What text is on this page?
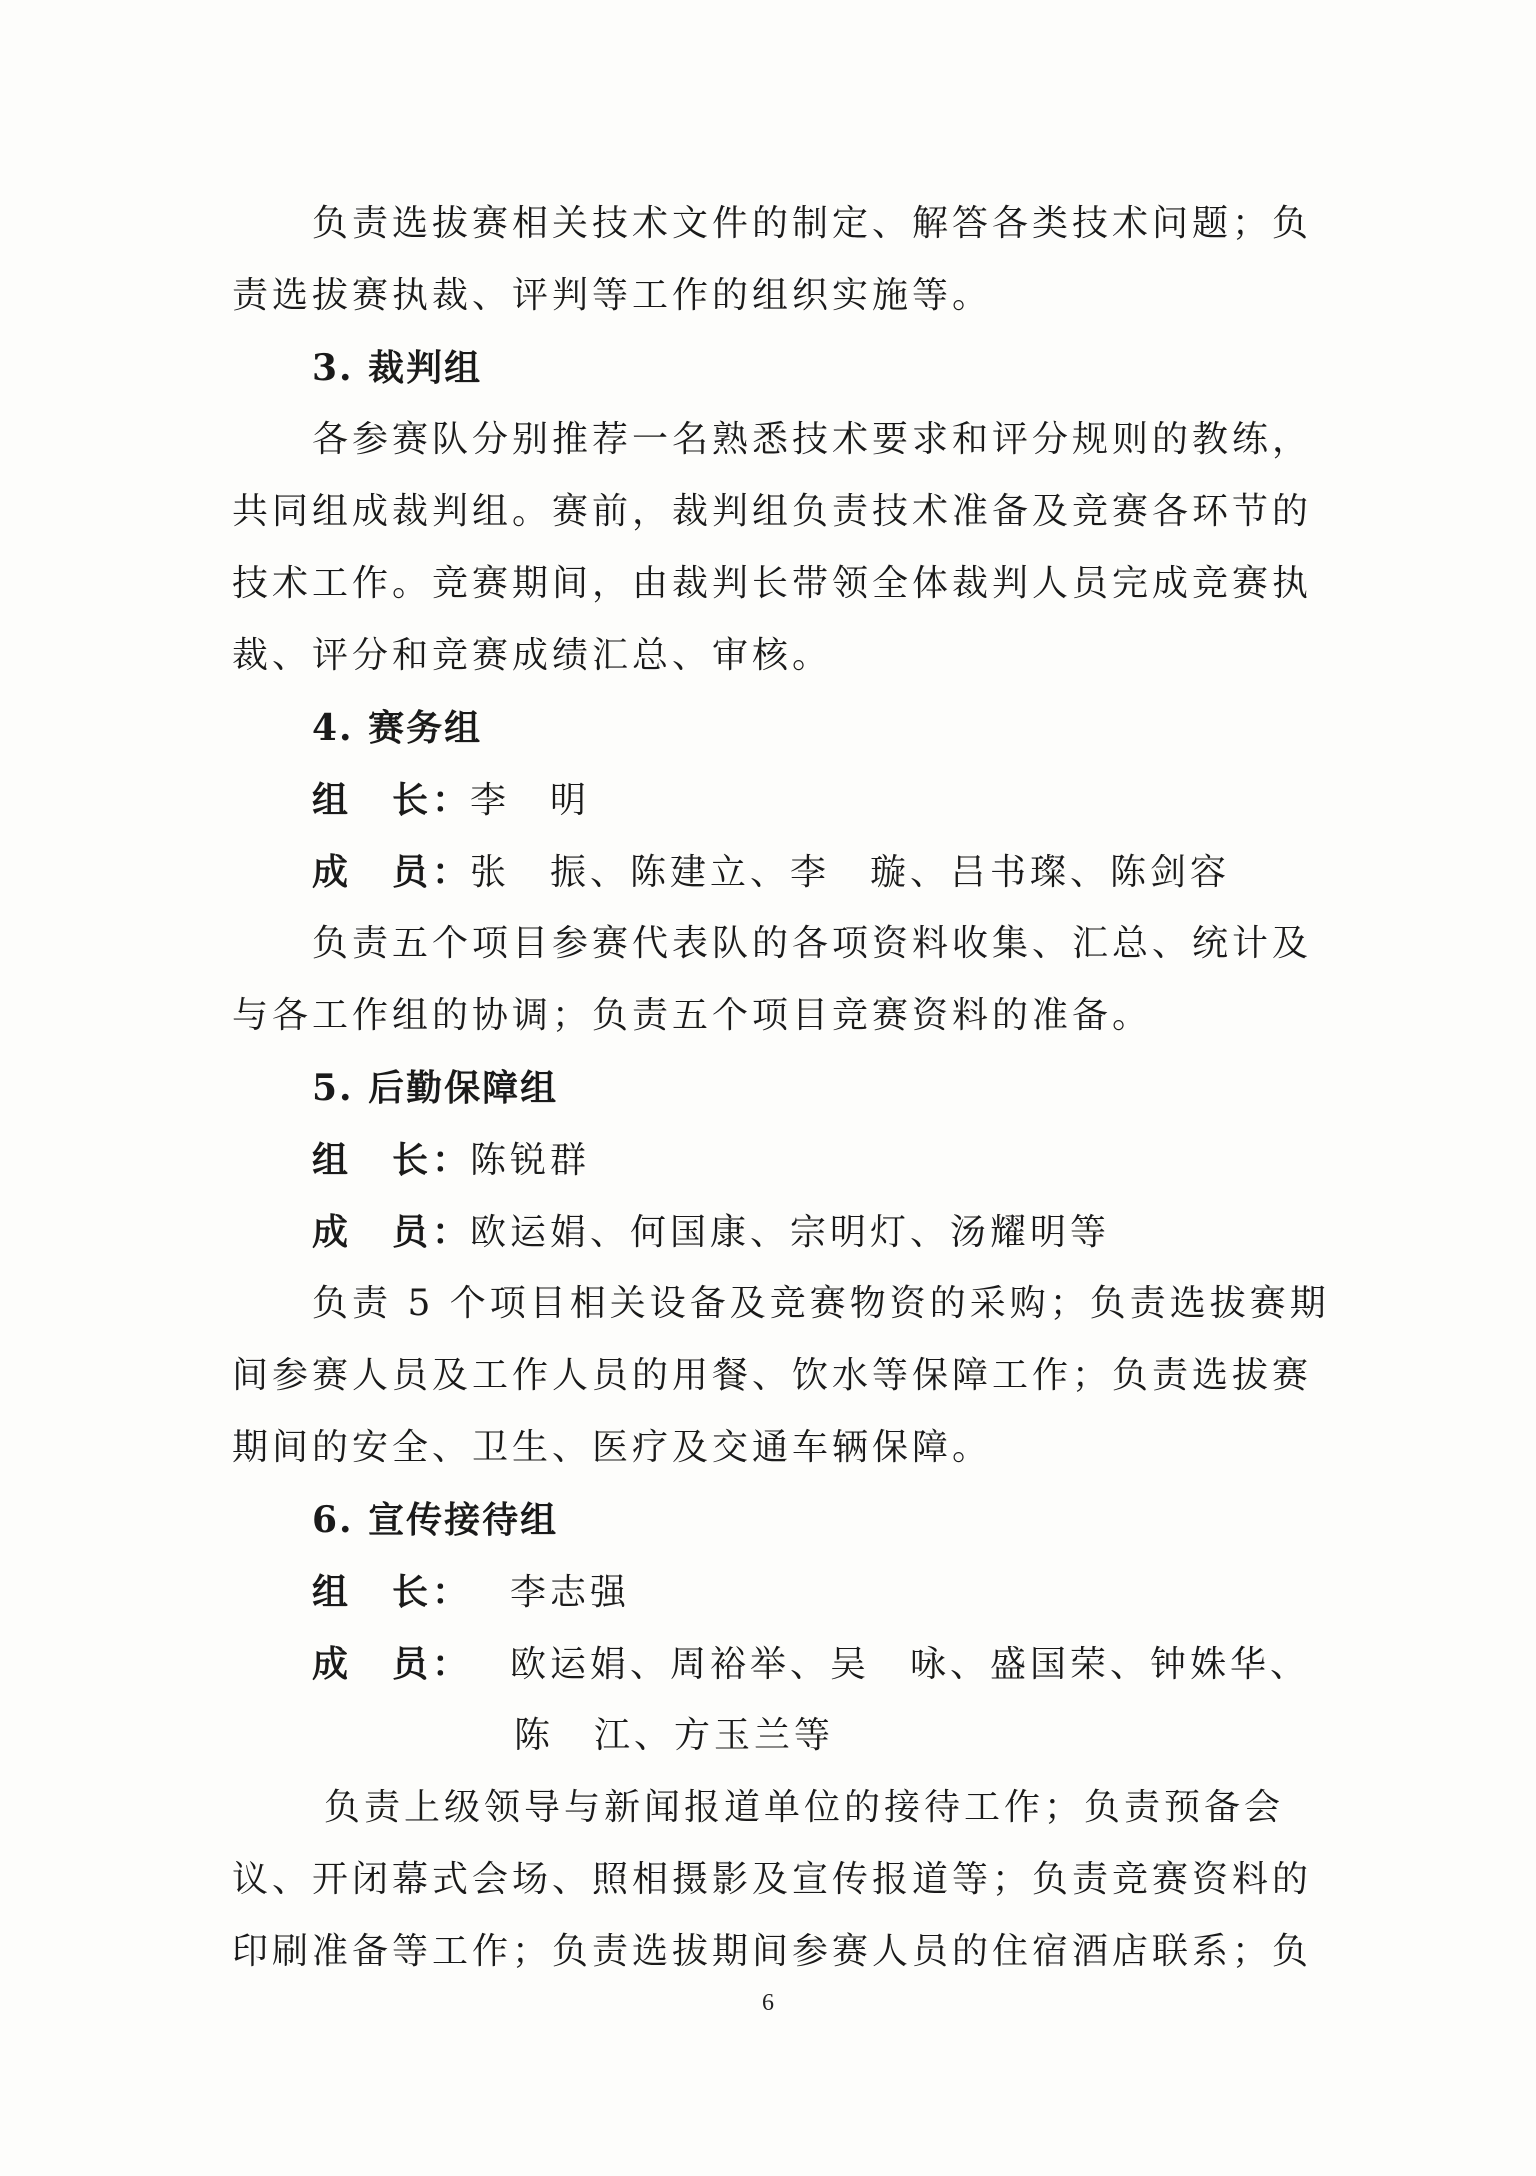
负责选拔赛相关技术文件的制定、解答各类技术问题；负
责选拔赛执裁、评判等工作的组织实施等。
3. 裁判组
各参赛队分别推荐一名熟悉技术要求和评分规则的教练，
共同组成裁判组。赛前，裁判组负责技术准备及竞赛各环节的
技术工作。竞赛期间，由裁判长带领全体裁判人员完成竞赛执
裁、评分和竞赛成绩汇总、审核。
4. 赛务组
组　长：李　明
成　员：张　振、陈建立、李　璇、吕书璨、陈剑容
负责五个项目参赛代表队的各项资料收集、汇总、统计及
与各工作组的协调；负责五个项目竞赛资料的准备。
5. 后勤保障组
组　长：陈锐群
成　员：欧运娟、何国康、宗明灯、汤耀明等
负责 5 个项目相关设备及竞赛物资的采购；负责选拔赛期
间参赛人员及工作人员的用餐、饮水等保障工作；负责选拔赛
期间的安全、卫生、医疗及交通车辆保障。
6. 宣传接待组
组　长：　李志强
成　员：　欧运娟、周裕举、吴　咏、盛国荣、钟姝华、
陈　江、方玉兰等
负责上级领导与新闻报道单位的接待工作；负责预备会
议、开闭幕式会场、照相摄影及宣传报道等；负责竞赛资料的
印刷准备等工作；负责选拔期间参赛人员的住宿酒店联系；负
6
